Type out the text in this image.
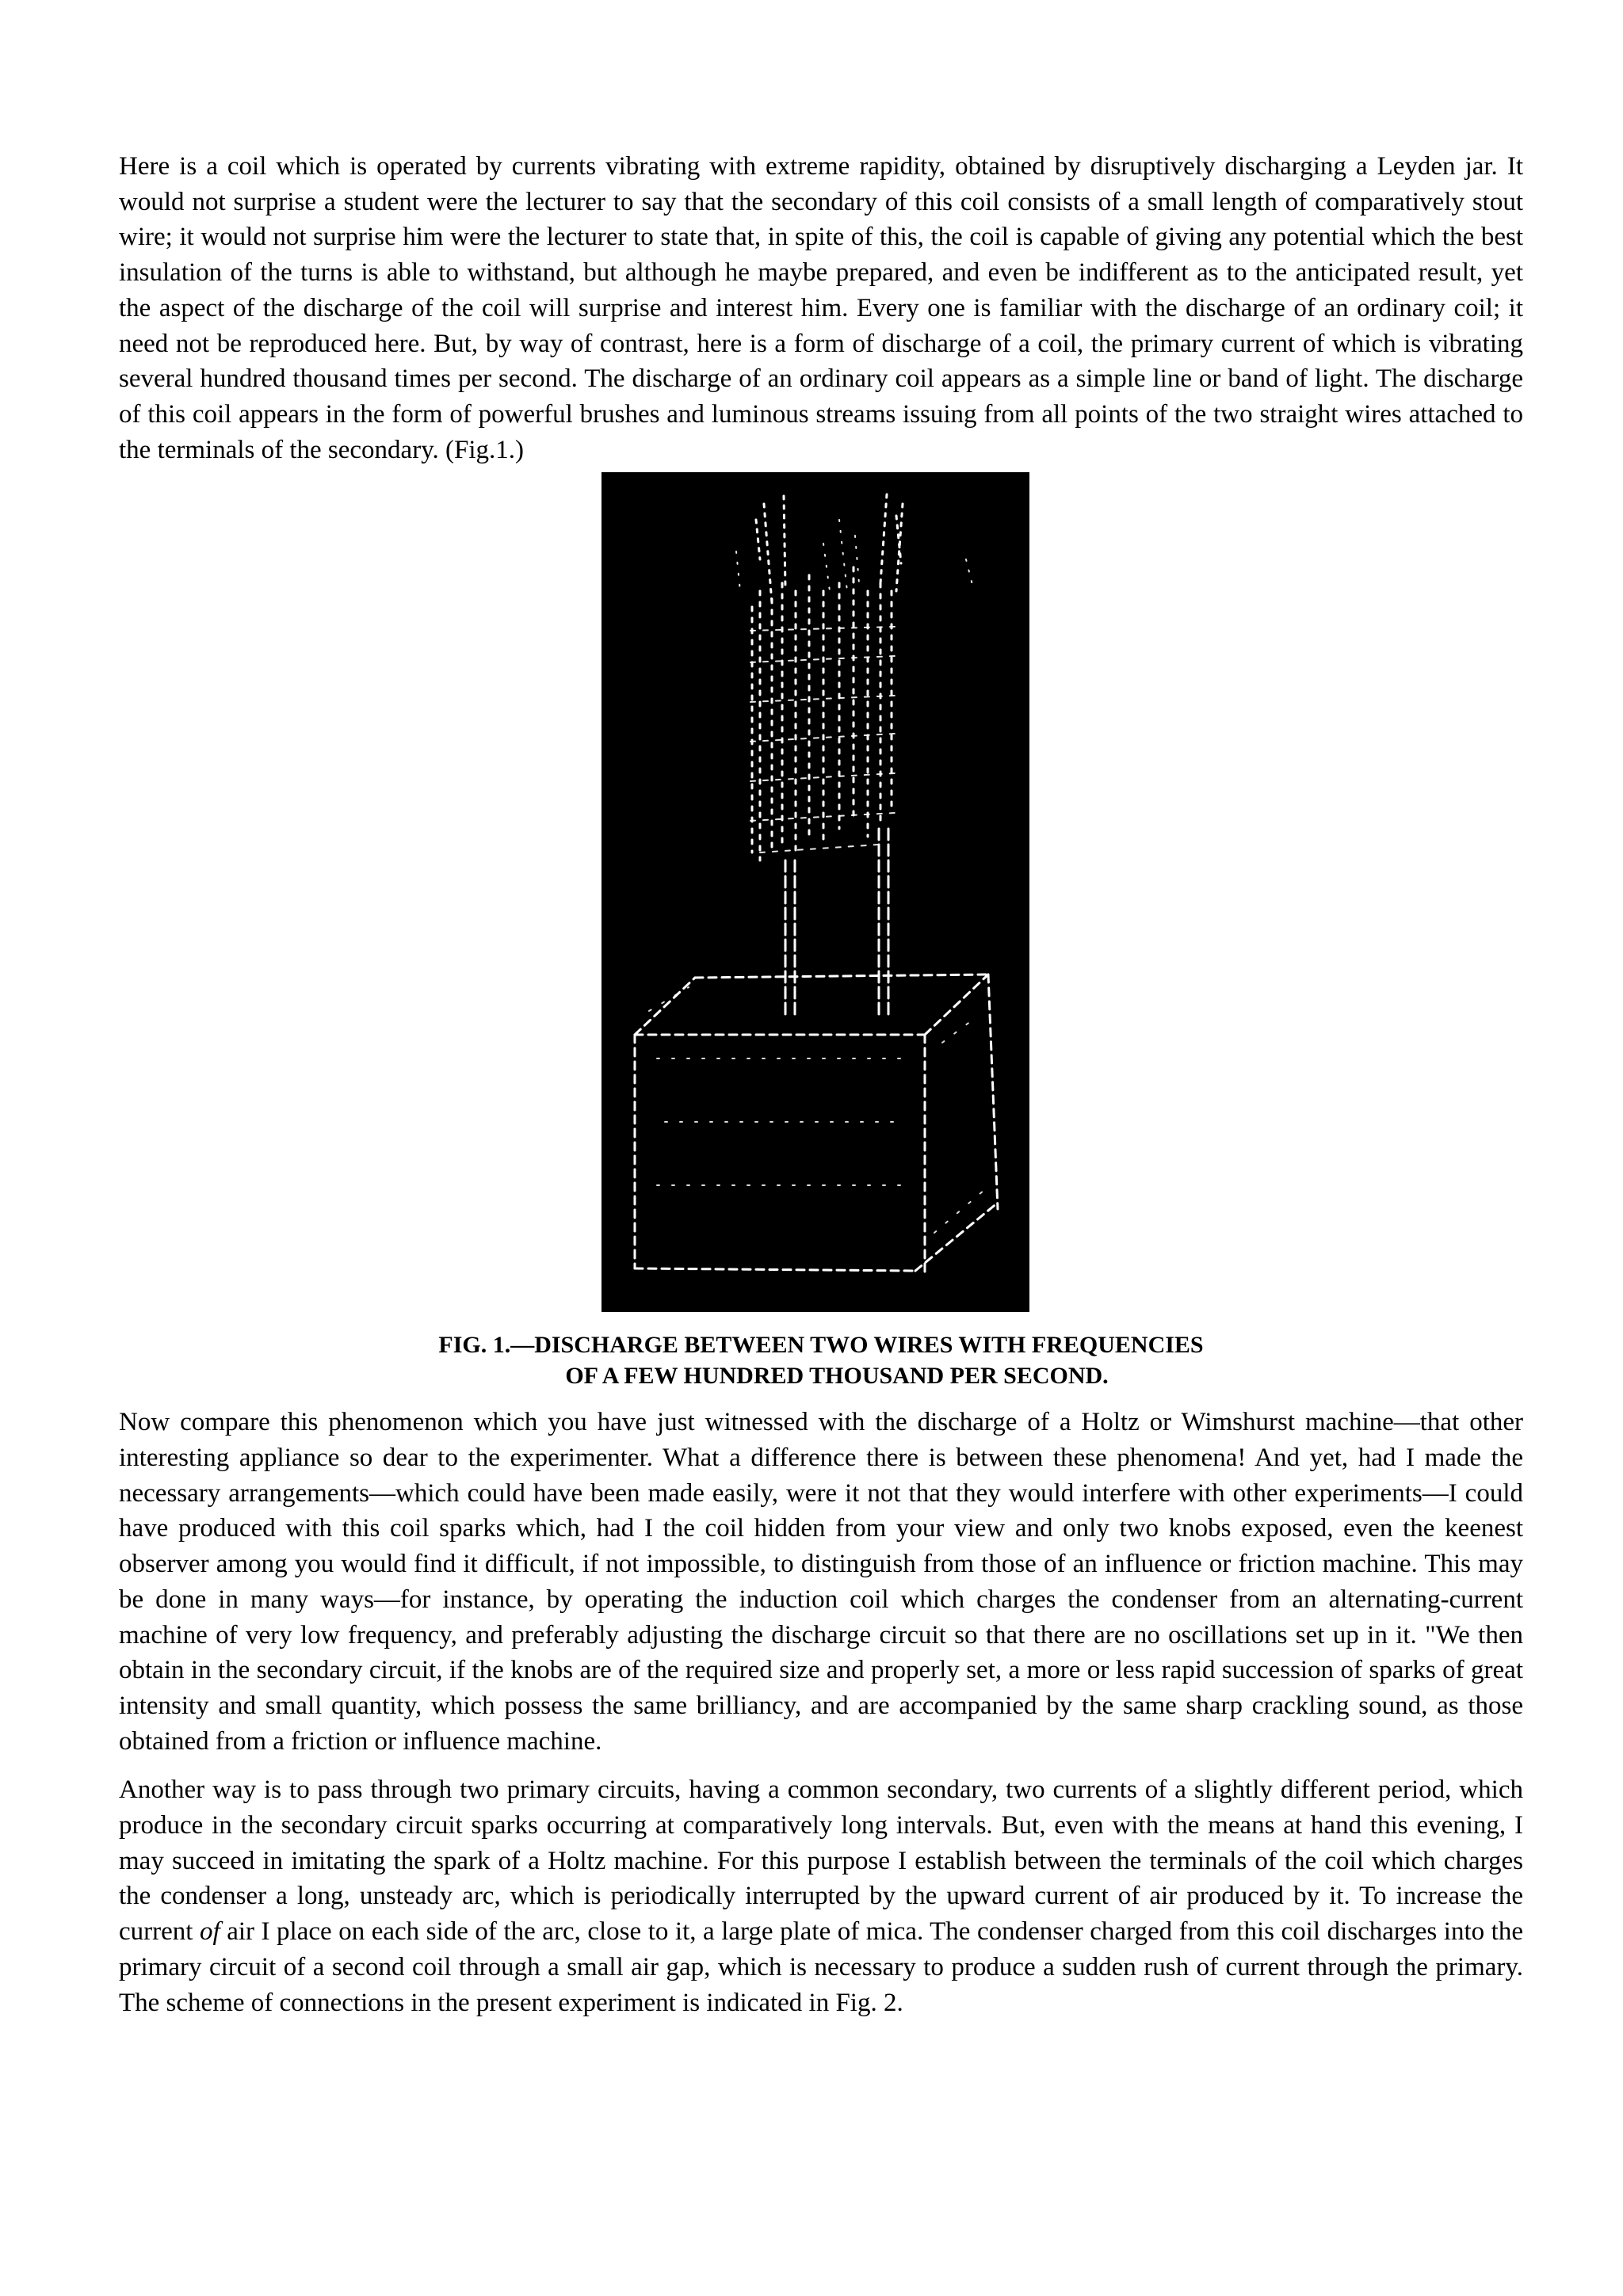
Here is a coil which is operated by currents vibrating with extreme rapidity, obtained by disruptively discharging a Leyden jar. It would not surprise a student were the lecturer to say that the secondary of this coil consists of a small length of comparatively stout wire; it would not surprise him were the lecturer to state that, in spite of this, the coil is capable of giving any potential which the best insulation of the turns is able to withstand, but although he maybe prepared, and even be indifferent as to the anticipated result, yet the aspect of the discharge of the coil will surprise and interest him. Every one is familiar with the discharge of an ordinary coil; it need not be reproduced here. But, by way of contrast, here is a form of discharge of a coil, the primary current of which is vibrating several hundred thousand times per second. The discharge of an ordinary coil appears as a simple line or band of light. The discharge of this coil appears in the form of powerful brushes and luminous streams issuing from all points of the two straight wires attached to the terminals of the secondary. (Fig.1.)

FIG. 1.—DISCHARGE BETWEEN TWO WIRES WITH FREQUENCIES
OF A FEW HUNDRED THOUSAND PER SECOND.

Now compare this phenomenon which you have just witnessed with the discharge of a Holtz or Wimshurst machine—that other interesting appliance so dear to the experimenter. What a difference there is between these phenomena! And yet, had I made the necessary arrangements—which could have been made easily, were it not that they would interfere with other experiments—I could have produced with this coil sparks which, had I the coil hidden from your view and only two knobs exposed, even the keenest observer among you would find it difficult, if not impossible, to distinguish from those of an influence or friction machine. This may be done in many ways—for instance, by operating the induction coil which charges the condenser from an alternating-current machine of very low frequency, and preferably adjusting the discharge circuit so that there are no oscillations set up in it. "We then obtain in the secondary circuit, if the knobs are of the required size and properly set, a more or less rapid succession of sparks of great intensity and small quantity, which possess the same brilliancy, and are accompanied by the same sharp crackling sound, as those obtained from a friction or influence machine.

Another way is to pass through two primary circuits, having a common secondary, two currents of a slightly different period, which produce in the secondary circuit sparks occurring at comparatively long intervals. But, even with the means at hand this evening, I may succeed in imitating the spark of a Holtz machine. For this purpose I establish between the terminals of the coil which charges the condenser a long, unsteady arc, which is periodically interrupted by the upward current of air produced by it. To increase the current of air I place on each side of the arc, close to it, a large plate of mica. The condenser charged from this coil discharges into the primary circuit of a second coil through a small air gap, which is necessary to produce a sudden rush of current through the primary. The scheme of connections in the present experiment is indicated in Fig. 2.
